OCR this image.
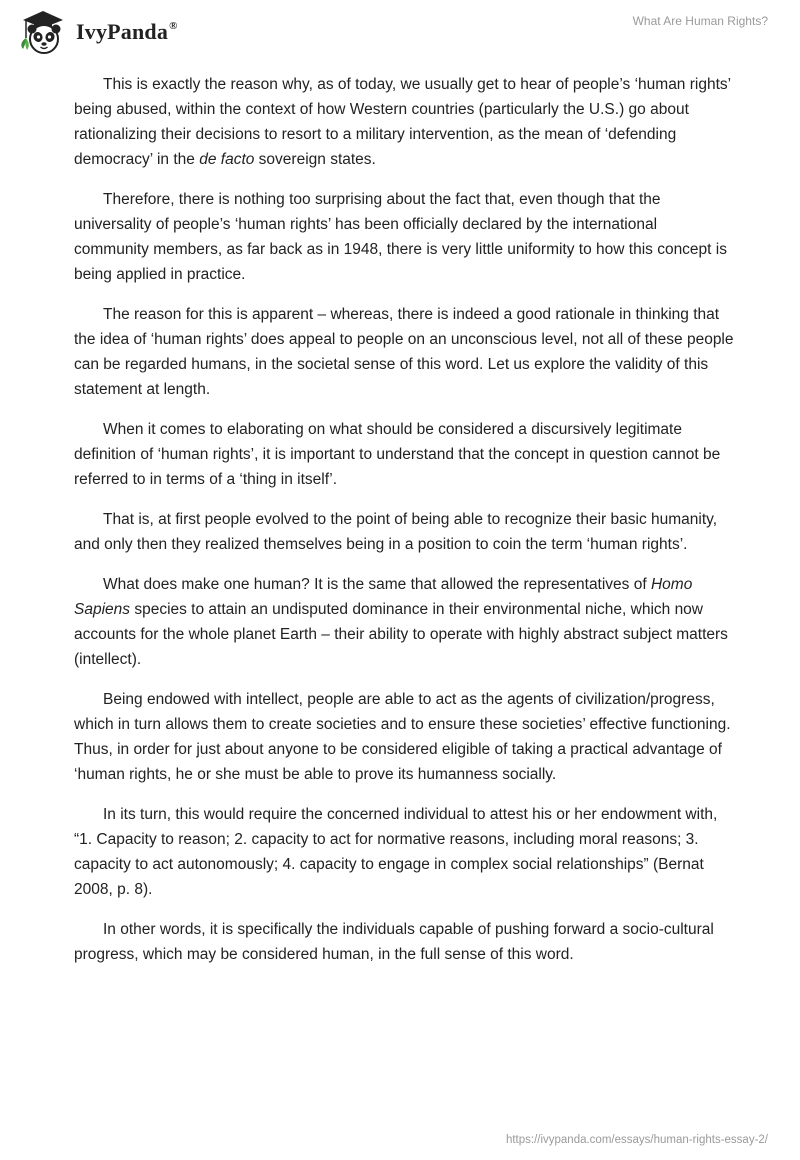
IvyPanda®	What Are Human Rights?

This is exactly the reason why, as of today, we usually get to hear of people’s ‘human rights’ being abused, within the context of how Western countries (particularly the U.S.) go about rationalizing their decisions to resort to a military intervention, as the mean of ‘defending democracy’ in the de facto sovereign states.

Therefore, there is nothing too surprising about the fact that, even though that the universality of people’s ‘human rights’ has been officially declared by the international community members, as far back as in 1948, there is very little uniformity to how this concept is being applied in practice.

The reason for this is apparent – whereas, there is indeed a good rationale in thinking that the idea of ‘human rights’ does appeal to people on an unconscious level, not all of these people can be regarded humans, in the societal sense of this word. Let us explore the validity of this statement at length.

When it comes to elaborating on what should be considered a discursively legitimate definition of ‘human rights’, it is important to understand that the concept in question cannot be referred to in terms of a ‘thing in itself’.

That is, at first people evolved to the point of being able to recognize their basic humanity, and only then they realized themselves being in a position to coin the term ‘human rights’.

What does make one human? It is the same that allowed the representatives of Homo Sapiens species to attain an undisputed dominance in their environmental niche, which now accounts for the whole planet Earth – their ability to operate with highly abstract subject matters (intellect).

Being endowed with intellect, people are able to act as the agents of civilization/progress, which in turn allows them to create societies and to ensure these societies’ effective functioning. Thus, in order for just about anyone to be considered eligible of taking a practical advantage of ‘human rights, he or she must be able to prove its humanness socially.

In its turn, this would require the concerned individual to attest his or her endowment with, “1. Capacity to reason; 2. capacity to act for normative reasons, including moral reasons; 3. capacity to act autonomously; 4. capacity to engage in complex social relationships” (Bernat 2008, p. 8).

In other words, it is specifically the individuals capable of pushing forward a socio-cultural progress, which may be considered human, in the full sense of this word.

https://ivypanda.com/essays/human-rights-essay-2/
